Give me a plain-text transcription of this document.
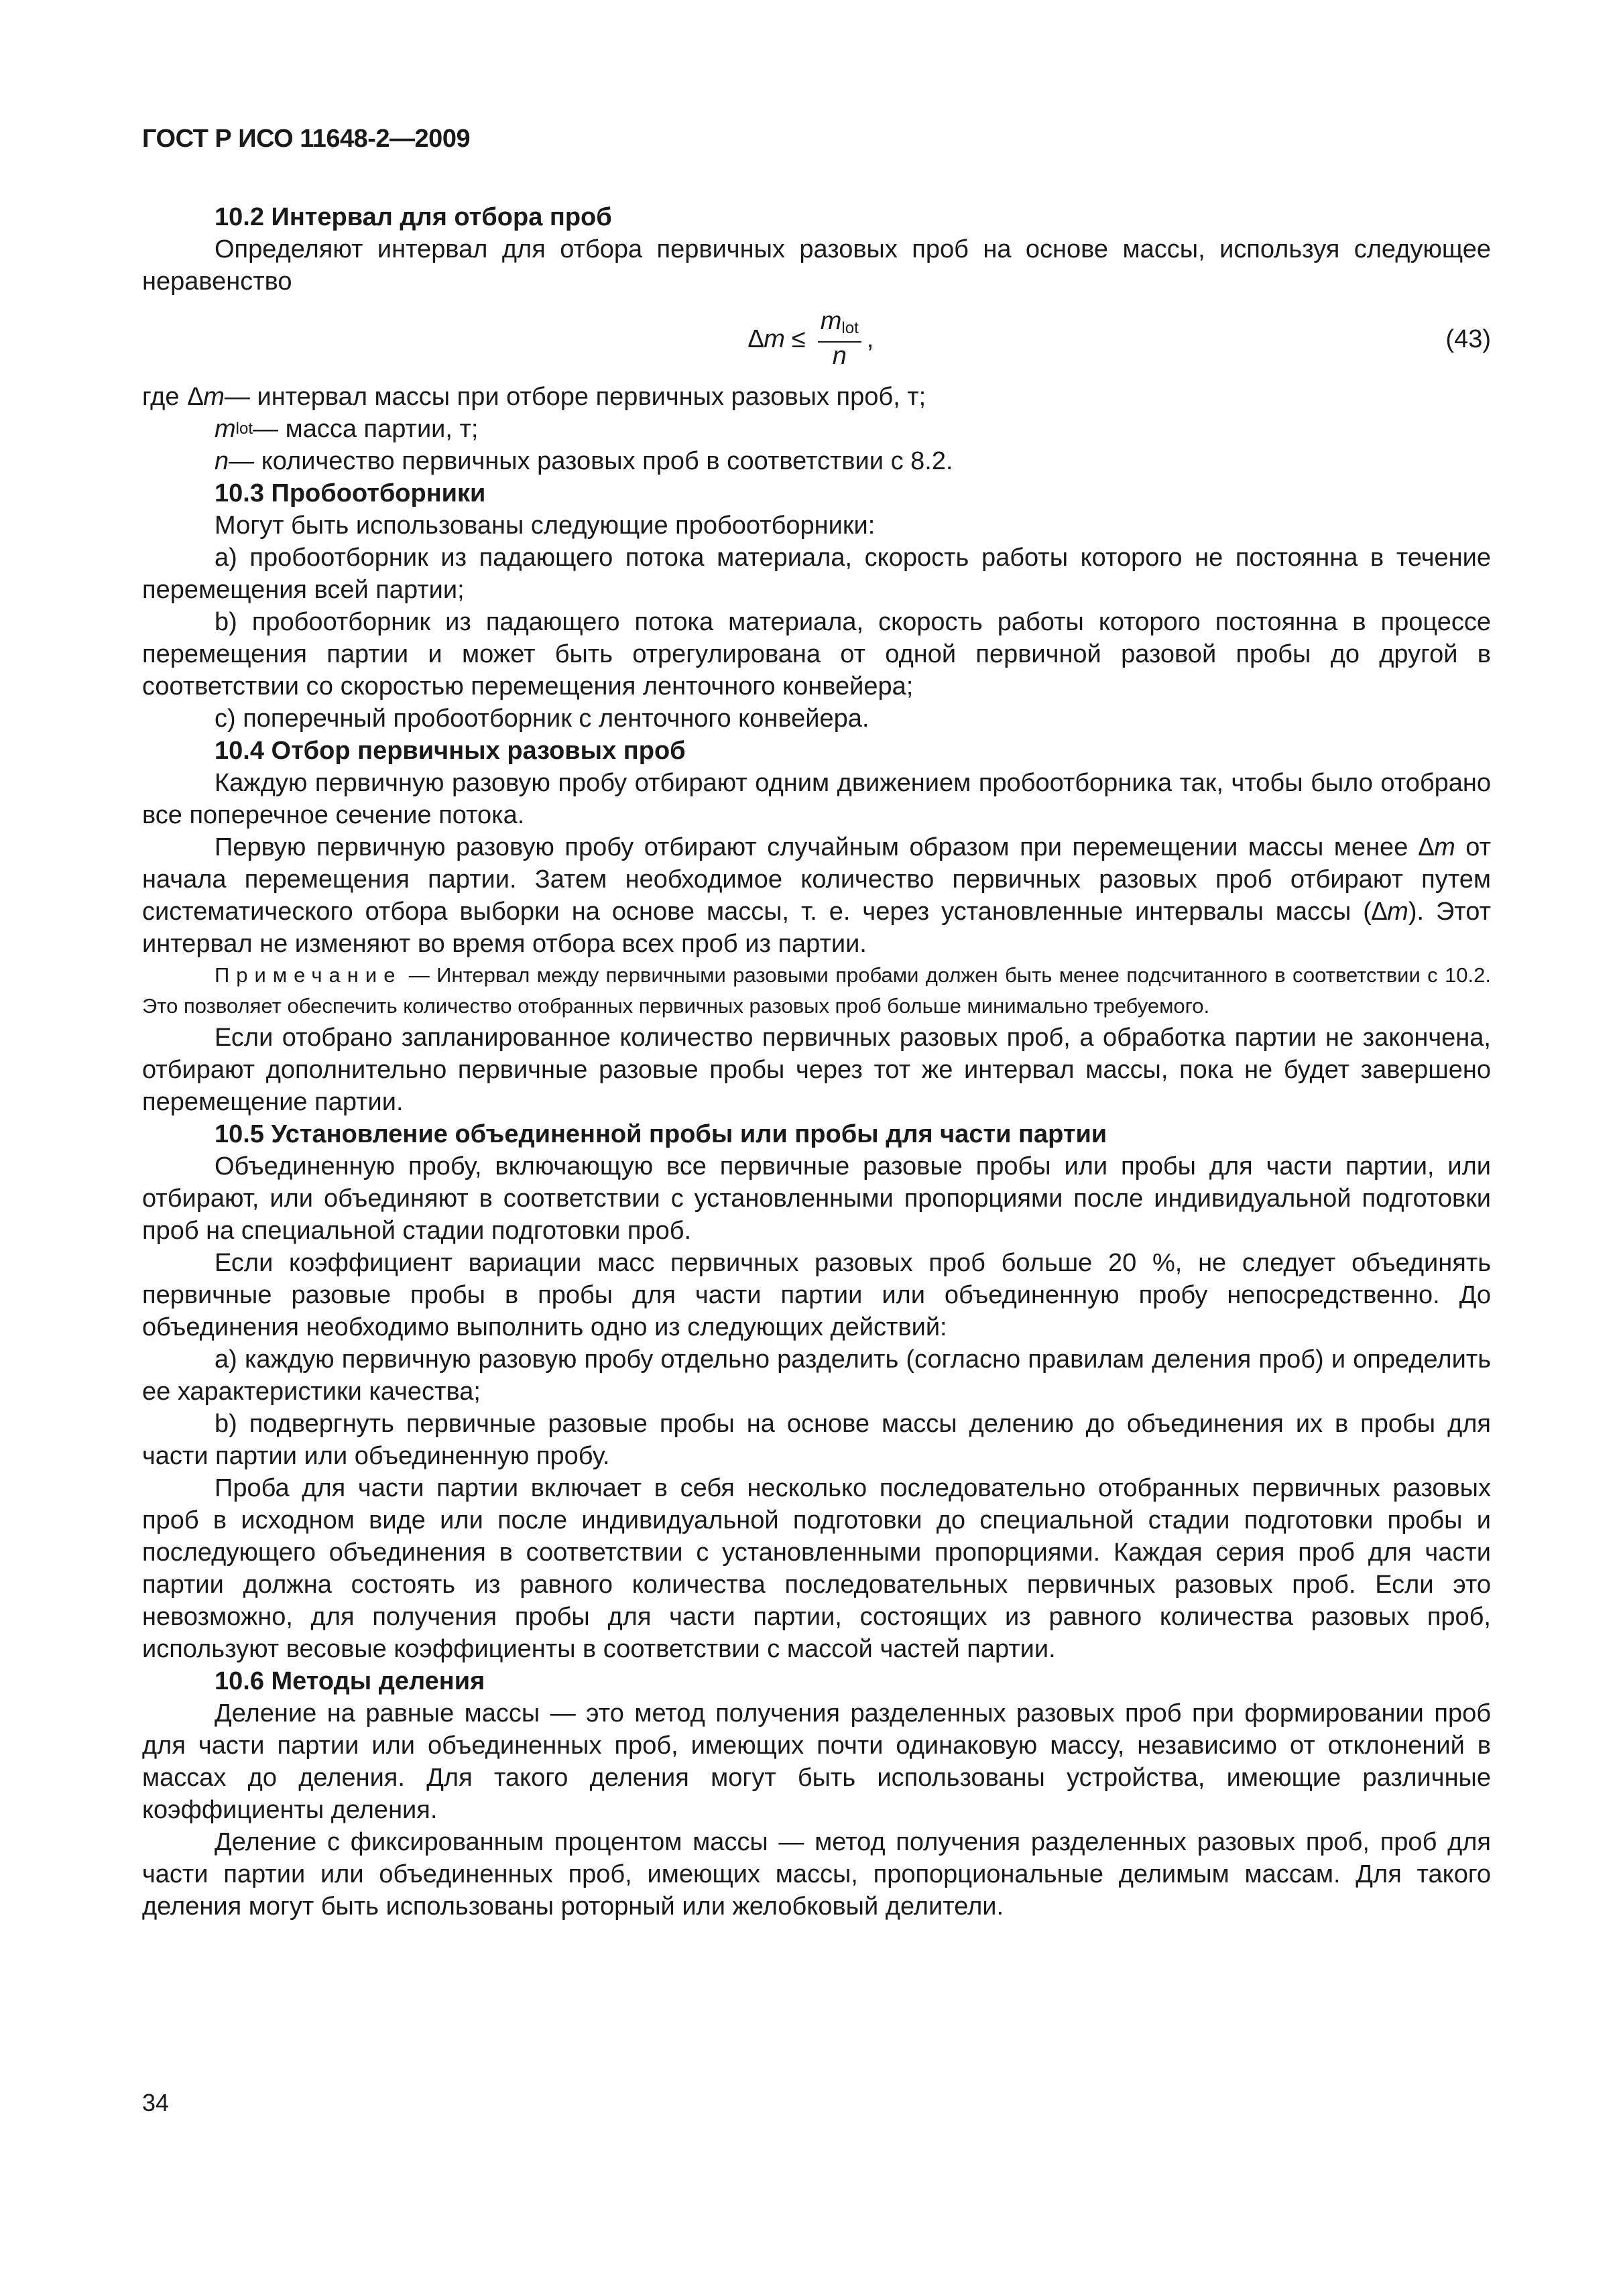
ГОСТ Р ИСО 11648-2—2009
10.2 Интервал для отбора проб

Определяют интервал для отбора первичных разовых проб на основе массы, используя следующее неравенство

$\Delta m \le \frac{m_{lot}}{n}$ ,	(43)
где ∆m — интервал массы при отборе первичных разовых проб, т;
m lot — масса партии, т;
n — количество первичных разовых проб в соответствии с 8.2.
10.3 Пробоотборники

Могут быть использованы следующие пробоотборники:

a) пробоотборник из падающего потока материала, скорость работы которого не постоянна в течение перемещения всей партии;

b) пробоотборник из падающего потока материала, скорость работы которого постоянна в процессе перемещения партии и может быть отрегулирована от одной первичной разовой пробы до другой в соответствии со скоростью перемещения ленточного конвейера;

c) поперечный пробоотборник с ленточного конвейера.

10.4 Отбор первичных разовых проб

Каждую первичную разовую пробу отбирают одним движением пробоотборника так, чтобы было отобрано все поперечное сечение потока.

Первую первичную разовую пробу отбирают случайным образом при перемещении массы менее ∆m от начала перемещения партии. Затем необходимое количество первичных разовых проб отбирают путем систематического отбора выборки на основе массы, т. е. через установленные интервалы массы (∆m). Этот интервал не изменяют во время отбора всех проб из партии.

Примечание — Интервал между первичными разовыми пробами должен быть менее подсчитанного в соответствии с 10.2. Это позволяет обеспечить количество отобранных первичных разовых проб больше минимально требуемого.

Если отобрано запланированное количество первичных разовых проб, а обработка партии не закончена, отбирают дополнительно первичные разовые пробы через тот же интервал массы, пока не будет завершено перемещение партии.

10.5 Установление объединенной пробы или пробы для части партии

Объединенную пробу, включающую все первичные разовые пробы или пробы для части партии, или отбирают, или объединяют в соответствии с установленными пропорциями после индивидуальной подготовки проб на специальной стадии подготовки проб.

Если коэффициент вариации масс первичных разовых проб больше 20 %, не следует объединять первичные разовые пробы в пробы для части партии или объединенную пробу непосредственно. До объединения необходимо выполнить одно из следующих действий:

a) каждую первичную разовую пробу отдельно разделить (согласно правилам деления проб) и определить ее характеристики качества;

b) подвергнуть первичные разовые пробы на основе массы делению до объединения их в пробы для части партии или объединенную пробу.

Проба для части партии включает в себя несколько последовательно отобранных первичных разовых проб в исходном виде или после индивидуальной подготовки до специальной стадии подготовки пробы и последующего объединения в соответствии с установленными пропорциями. Каждая серия проб для части партии должна состоять из равного количества последовательных первичных разовых проб. Если это невозможно, для получения пробы для части партии, состоящих из равного количества разовых проб, используют весовые коэффициенты в соответствии с массой частей партии.

10.6 Методы деления

Деление на равные массы — это метод получения разделенных разовых проб при формировании проб для части партии или объединенных проб, имеющих почти одинаковую массу, независимо от отклонений в массах до деления. Для такого деления могут быть использованы устройства, имеющие различные коэффициенты деления.

Деление с фиксированным процентом массы — метод получения разделенных разовых проб, проб для части партии или объединенных проб, имеющих массы, пропорциональные делимым массам. Для такого деления могут быть использованы роторный или желобковый делители.

34
